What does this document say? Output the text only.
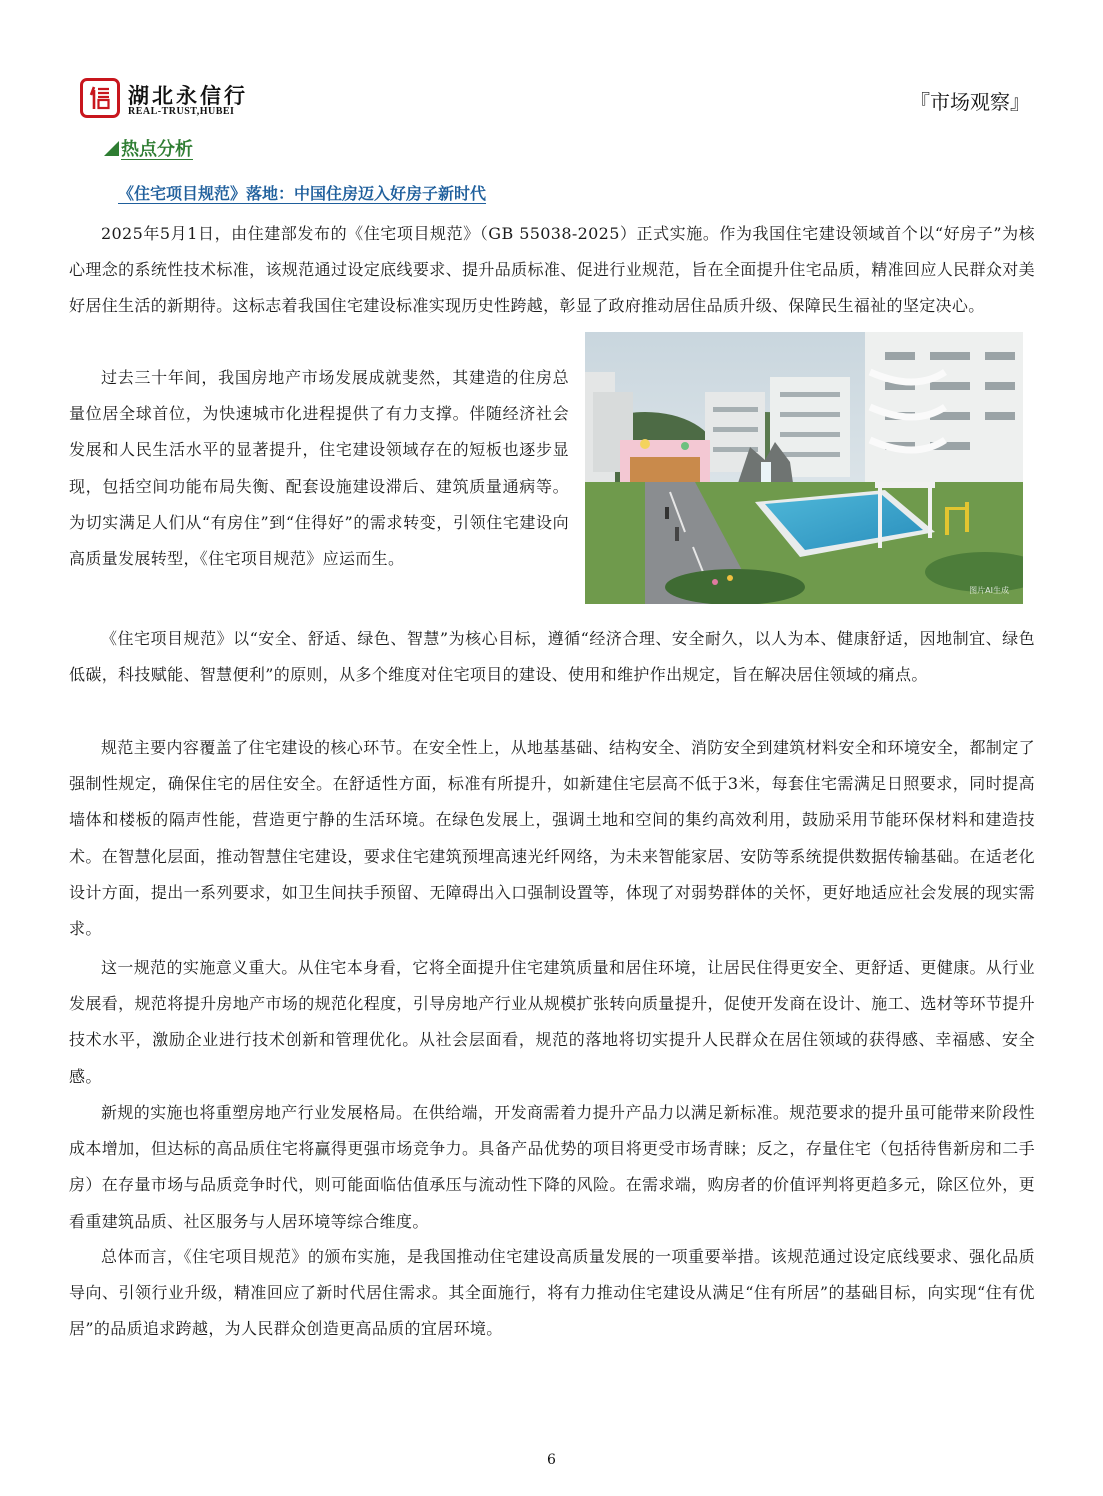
湖北永信行
REAL-TRUST,HUBEI	『市场观察』
热点分析
《住宅项目规范》落地：中国住房迈入好房子新时代

2025年5月1日，由住建部发布的《住宅项目规范》（GB 55038-2025）正式实施。作为我国住宅建设领域首个以“好房子”为核心理念的系统性技术标准，该规范通过设定底线要求、提升品质标准、促进行业规范，旨在全面提升住宅品质，精准回应人民群众对美好居住生活的新期待。这标志着我国住宅建设标准实现历史性跨越，彰显了政府推动居住品质升级、保障民生福祉的坚定决心。

过去三十年间，我国房地产市场发展成就斐然，其建造的住房总量位居全球首位，为快速城市化进程提供了有力支撑。伴随经济社会发展和人民生活水平的显著提升，住宅建设领域存在的短板也逐步显现，包括空间功能布局失衡、配套设施建设滞后、建筑质量通病等。为切实满足人们从“有房住”到“住得好”的需求转变，引领住宅建设向高质量发展转型，《住宅项目规范》应运而生。

《住宅项目规范》以“安全、舒适、绿色、智慧”为核心目标，遵循“经济合理、安全耐久，以人为本、健康舒适，因地制宜、绿色低碳，科技赋能、智慧便利”的原则，从多个维度对住宅项目的建设、使用和维护作出规定，旨在解决居住领域的痛点。

规范主要内容覆盖了住宅建设的核心环节。在安全性上，从地基基础、结构安全、消防安全到建筑材料安全和环境安全，都制定了强制性规定，确保住宅的居住安全。在舒适性方面，标准有所提升，如新建住宅层高不低于3米，每套住宅需满足日照要求，同时提高墙体和楼板的隔声性能，营造更宁静的生活环境。在绿色发展上，强调土地和空间的集约高效利用，鼓励采用节能环保材料和建造技术。在智慧化层面，推动智慧住宅建设，要求住宅建筑预埋高速光纤网络，为未来智能家居、安防等系统提供数据传输基础。在适老化设计方面，提出一系列要求，如卫生间扶手预留、无障碍出入口强制设置等，体现了对弱势群体的关怀，更好地适应社会发展的现实需求。

这一规范的实施意义重大。从住宅本身看，它将全面提升住宅建筑质量和居住环境，让居民住得更安全、更舒适、更健康。从行业发展看，规范将提升房地产市场的规范化程度，引导房地产行业从规模扩张转向质量提升，促使开发商在设计、施工、选材等环节提升技术水平，激励企业进行技术创新和管理优化。从社会层面看，规范的落地将切实提升人民群众在居住领域的获得感、幸福感、安全感。

新规的实施也将重塑房地产行业发展格局。在供给端，开发商需着力提升产品力以满足新标准。规范要求的提升虽可能带来阶段性成本增加，但达标的高品质住宅将赢得更强市场竞争力。具备产品优势的项目将更受市场青睐；反之，存量住宅（包括待售新房和二手房）在存量市场与品质竞争时代，则可能面临估值承压与流动性下降的风险。在需求端，购房者的价值评判将更趋多元，除区位外，更看重建筑品质、社区服务与人居环境等综合维度。

总体而言，《住宅项目规范》的颁布实施，是我国推动住宅建设高质量发展的一项重要举措。该规范通过设定底线要求、强化品质导向、引领行业升级，精准回应了新时代居住需求。其全面施行，将有力推动住宅建设从满足“住有所居”的基础目标，向实现“住有优居”的品质追求跨越，为人民群众创造更高品质的宜居环境。

图片AI生成
6
